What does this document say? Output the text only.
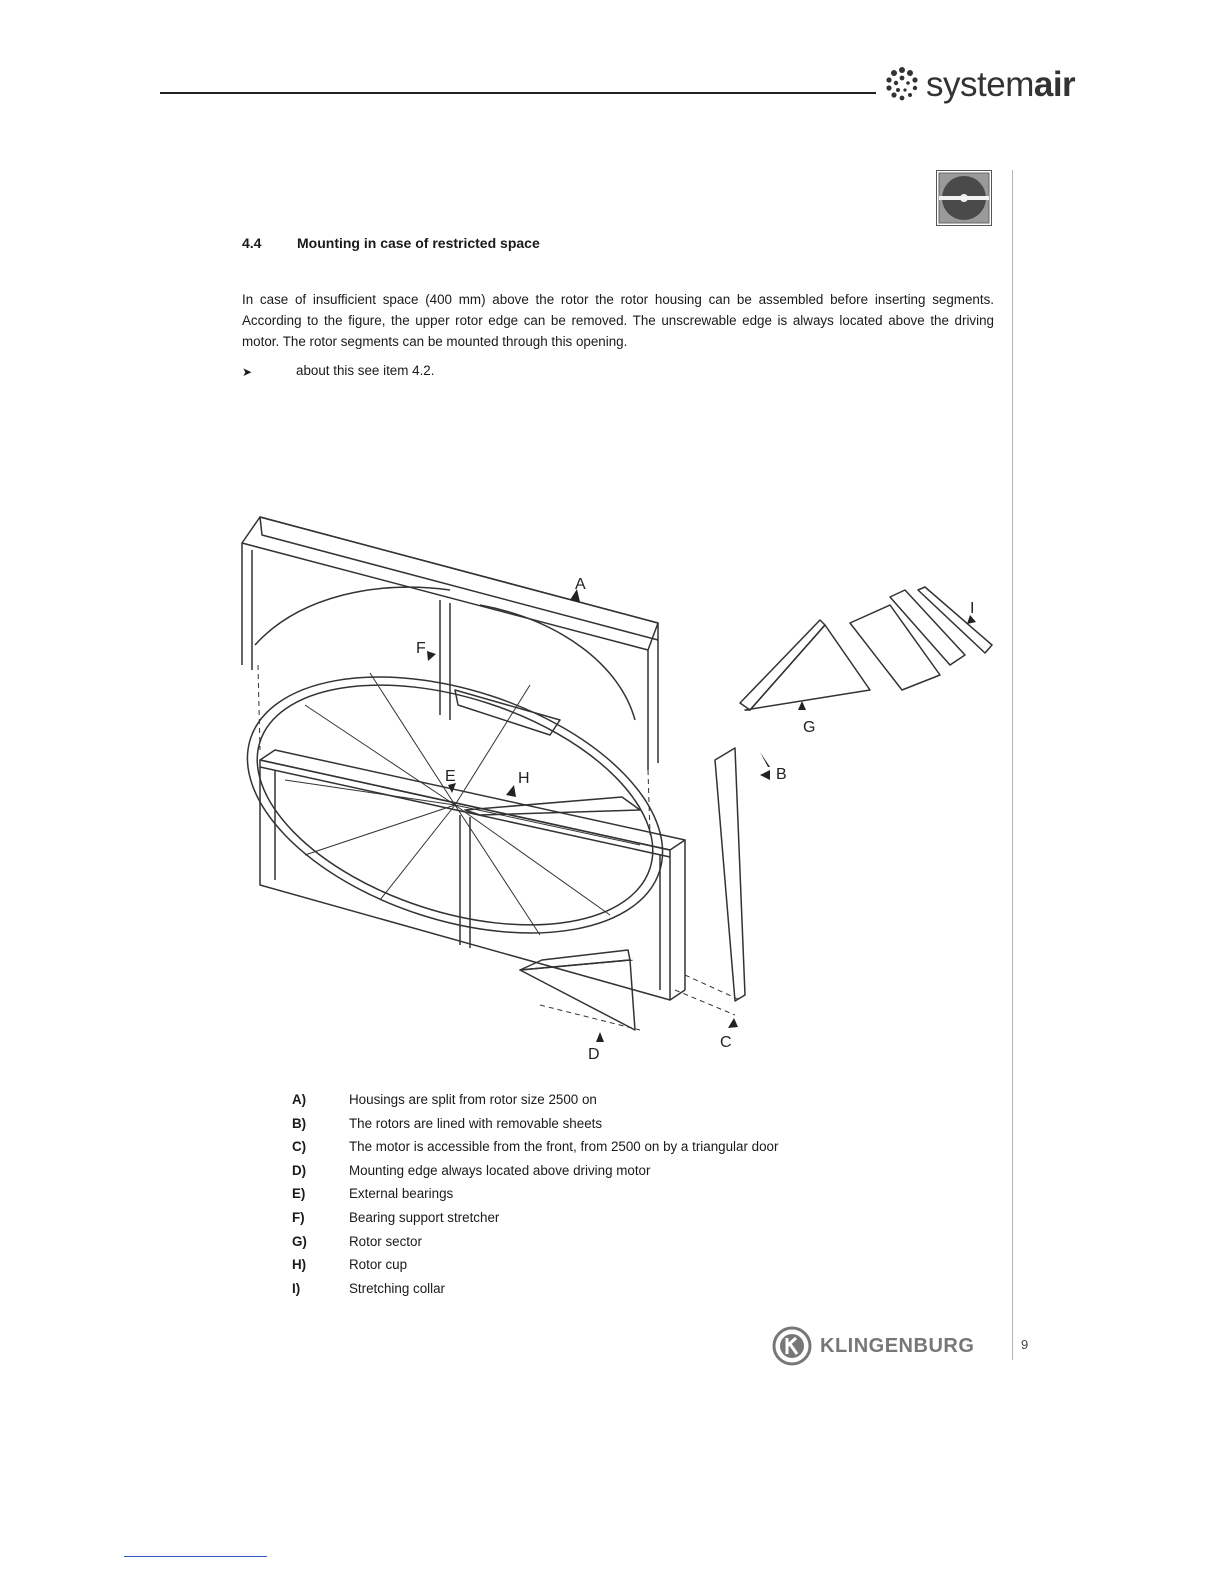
systemair
4.4	Mounting in case of restricted space
In case of insufficient space (400 mm) above the rotor the rotor housing can be assembled before inserting segments. According to the figure, the upper rotor edge can be removed. The unscrewable edge is always located above the driving motor. The rotor segments can be mounted through this opening.
➤	about this see item 4.2.
A
B
C
D
E
F
G
H
I
A)	Housings are split from rotor size 2500 on
B)	The rotors are lined with removable sheets
C)	The motor is accessible from the front, from 2500 on by a triangular door
D)	Mounting edge always located above driving motor
E)	External bearings
F)	Bearing support stretcher
G)	Rotor sector
H)	Rotor cup
I)	Stretching collar
KLINGENBURG	9
